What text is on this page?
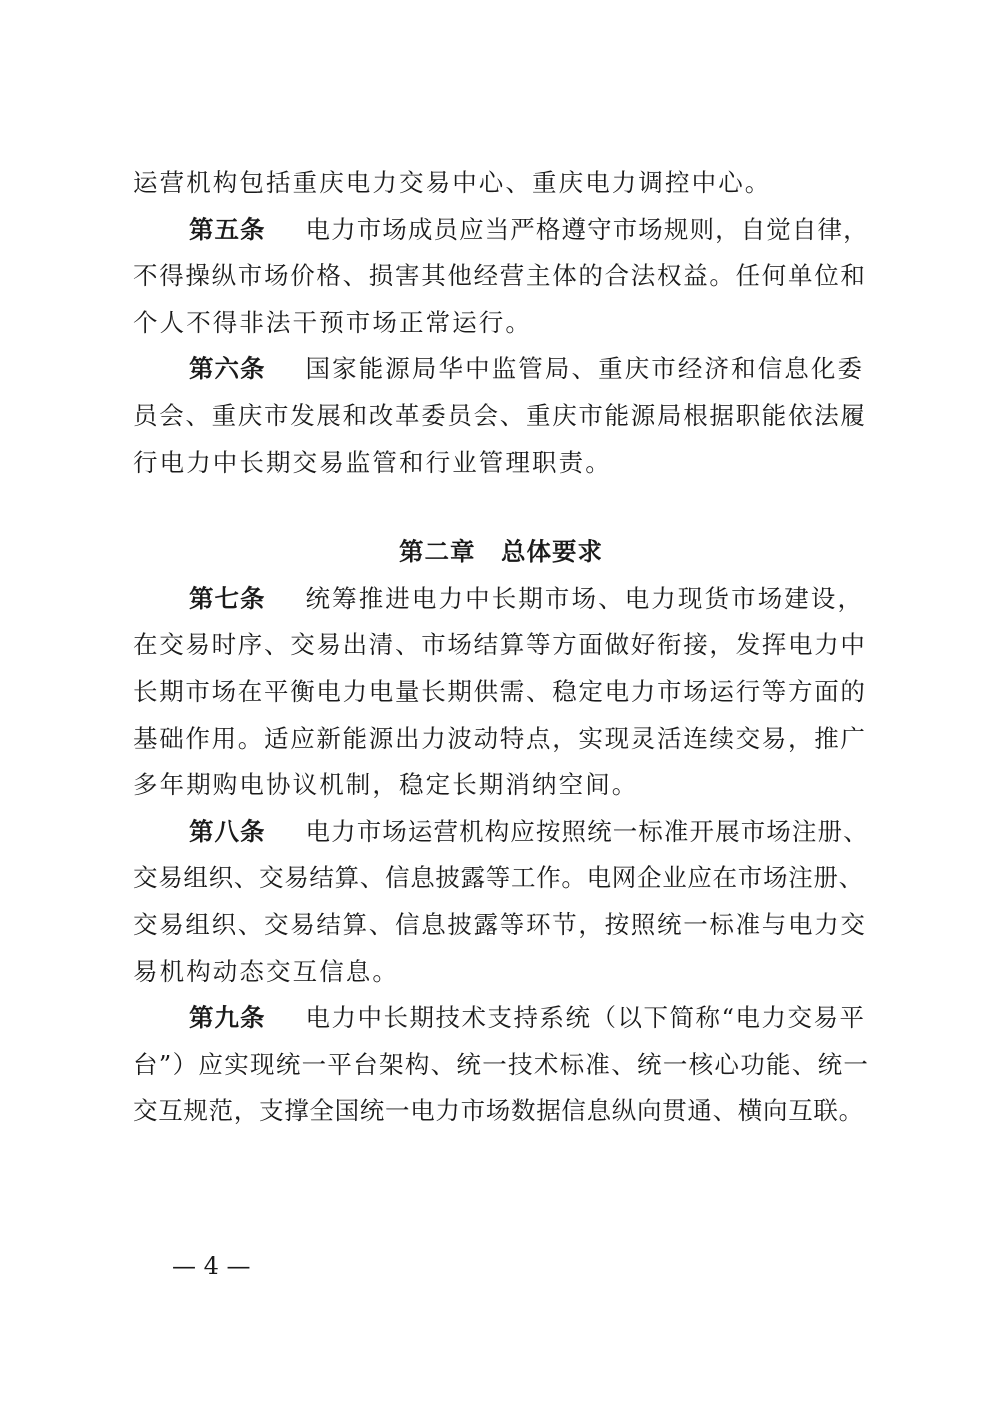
运营机构包括重庆电力交易中心、重庆电力调控中心。
第五条 电力市场成员应当严格遵守市场规则，自觉自律，
不得操纵市场价格、损害其他经营主体的合法权益。任何单位和
个人不得非法干预市场正常运行。
第六条 国家能源局华中监管局、重庆市经济和信息化委
员会、重庆市发展和改革委员会、重庆市能源局根据职能依法履
行电力中长期交易监管和行业管理职责。
第二章　总体要求
第七条 统筹推进电力中长期市场、电力现货市场建设，
在交易时序、交易出清、市场结算等方面做好衔接，发挥电力中
长期市场在平衡电力电量长期供需、稳定电力市场运行等方面的
基础作用。适应新能源出力波动特点，实现灵活连续交易，推广
多年期购电协议机制，稳定长期消纳空间。
第八条 电力市场运营机构应按照统一标准开展市场注册、
交易组织、交易结算、信息披露等工作。电网企业应在市场注册、
交易组织、交易结算、信息披露等环节，按照统一标准与电力交
易机构动态交互信息。
第九条 电力中长期技术支持系统（以下简称“电力交易平
台”）应实现统一平台架构、统一技术标准、统一核心功能、统一
交互规范，支撑全国统一电力市场数据信息纵向贯通、横向互联。
— 4 —
